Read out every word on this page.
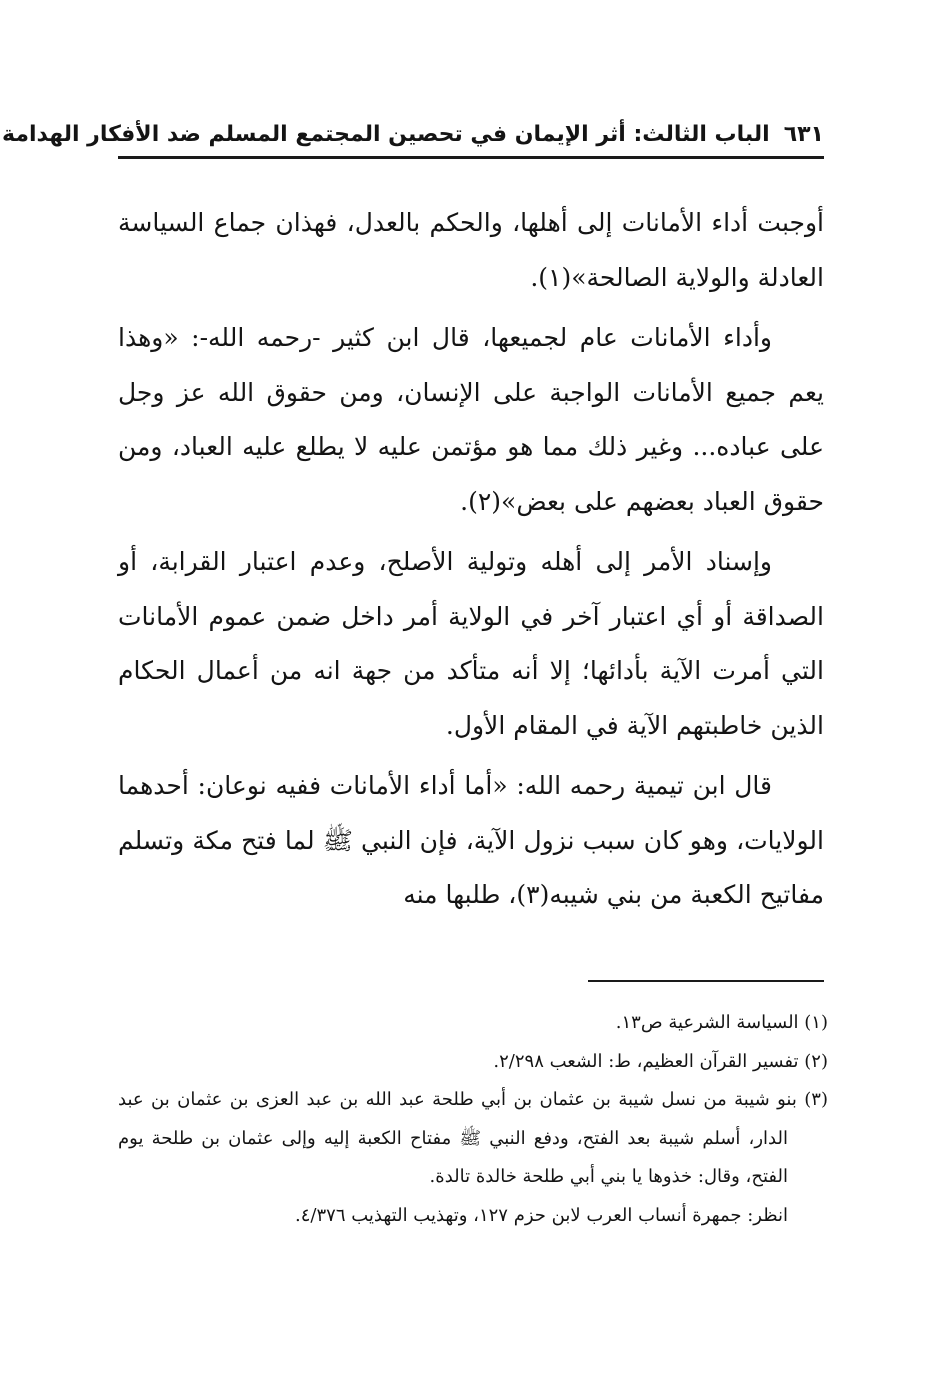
٦٣١
الباب الثالث: أثر الإيمان في تحصين المجتمع المسلم ضد الأفكار الهدامة

أوجبت أداء الأمانات إلى أهلها، والحكم بالعدل، فهذان جماع السياسة العادلة والولاية الصالحة»(١).

وأداء الأمانات عام لجميعها، قال ابن كثير -رحمه الله-: «وهذا يعم جميع الأمانات الواجبة على الإنسان، ومن حقوق الله عز وجل على عباده... وغير ذلك مما هو مؤتمن عليه لا يطلع عليه العباد، ومن حقوق العباد بعضهم على بعض»(٢).

وإسناد الأمر إلى أهله وتولية الأصلح، وعدم اعتبار القرابة، أو الصداقة أو أي اعتبار آخر في الولاية أمر داخل ضمن عموم الأمانات التي أمرت الآية بأدائها؛ إلا أنه متأكد من جهة انه من أعمال الحكام الذين خاطبتهم الآية في المقام الأول.

قال ابن تيمية رحمه الله: «أما أداء الأمانات ففيه نوعان: أحدهما الولايات، وهو كان سبب نزول الآية، فإن النبي ﷺ لما فتح مكة وتسلم مفاتيح الكعبة من بني شيبه(٣)، طلبها منه

(١) السياسة الشرعية ص١٣.

(٢) تفسير القرآن العظيم، ط: الشعب ٢/٢٩٨.

(٣) بنو شيبة من نسل شيبة بن عثمان بن أبي طلحة عبد الله بن عبد العزى بن عثمان بن عبد الدار، أسلم شيبة بعد الفتح، ودفع النبي ﷺ مفتاح الكعبة إليه وإلى عثمان بن طلحة يوم الفتح، وقال: خذوها يا بني أبي طلحة خالدة تالدة.

انظر: جمهرة أنساب العرب لابن حزم ١٢٧، وتهذيب التهذيب ٤/٣٧٦.
